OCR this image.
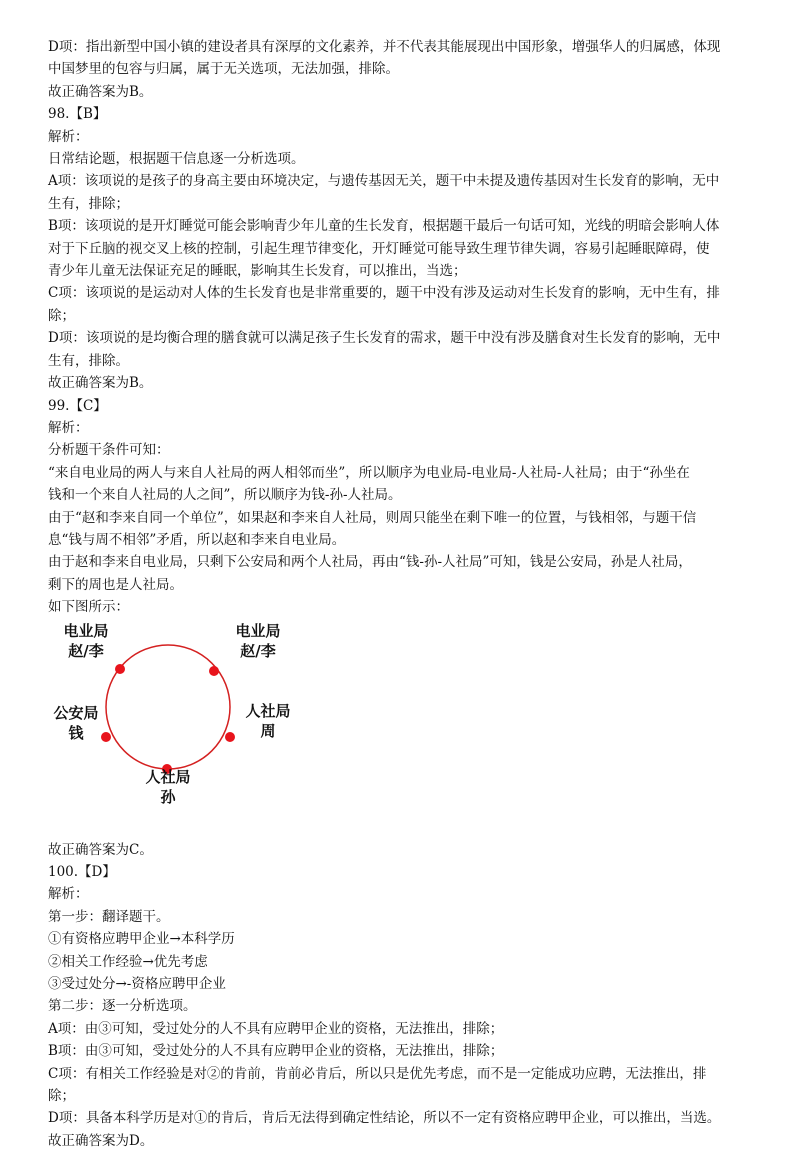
D项：指出新型中国小镇的建设者具有深厚的文化素养，并不代表其能展现出中国形象，增强华人的归属感，体现

中国梦里的包容与归属，属于无关选项，无法加强，排除。

故正确答案为B。

98.【B】

解析：

日常结论题，根据题干信息逐一分析选项。

A项：该项说的是孩子的身高主要由环境决定，与遗传基因无关，题干中未提及遗传基因对生长发育的影响，无中

生有，排除；

B项：该项说的是开灯睡觉可能会影响青少年儿童的生长发育，根据题干最后一句话可知，光线的明暗会影响人体

对于下丘脑的视交叉上核的控制，引起生理节律变化，开灯睡觉可能导致生理节律失调，容易引起睡眠障碍，使

青少年儿童无法保证充足的睡眠，影响其生长发育，可以推出，当选；

C项：该项说的是运动对人体的生长发育也是非常重要的，题干中没有涉及运动对生长发育的影响，无中生有，排

除；

D项：该项说的是均衡合理的膳食就可以满足孩子生长发育的需求，题干中没有涉及膳食对生长发育的影响，无中

生有，排除。

故正确答案为B。

99.【C】

解析：

分析题干条件可知：

“来自电业局的两人与来自人社局的两人相邻而坐”，所以顺序为电业局-电业局-人社局-人社局；由于“孙坐在

钱和一个来自人社局的人之间”，所以顺序为钱-孙-人社局。

由于“赵和李来自同一个单位”，如果赵和李来自人社局，则周只能坐在剩下唯一的位置，与钱相邻，与题干信

息“钱与周不相邻”矛盾，所以赵和李来自电业局。

由于赵和李来自电业局，只剩下公安局和两个人社局，再由“钱-孙-人社局”可知，钱是公安局，孙是人社局，

剩下的周也是人社局。

如下图所示：

电业局
赵/李
电业局
赵/李
人社局
周
人社局
孙
公安局
钱

故正确答案为C。

100.【D】

解析：

第一步：翻译题干。

①有资格应聘甲企业→本科学历

②相关工作经验→优先考虑

③受过处分→-资格应聘甲企业

第二步：逐一分析选项。

A项：由③可知，受过处分的人不具有应聘甲企业的资格，无法推出，排除；

B项：由③可知，受过处分的人不具有应聘甲企业的资格，无法推出，排除；

C项：有相关工作经验是对②的肯前，肯前必肯后，所以只是优先考虑，而不是一定能成功应聘，无法推出，排

除；

D项：具备本科学历是对①的肯后，肯后无法得到确定性结论，所以不一定有资格应聘甲企业，可以推出，当选。

故正确答案为D。
